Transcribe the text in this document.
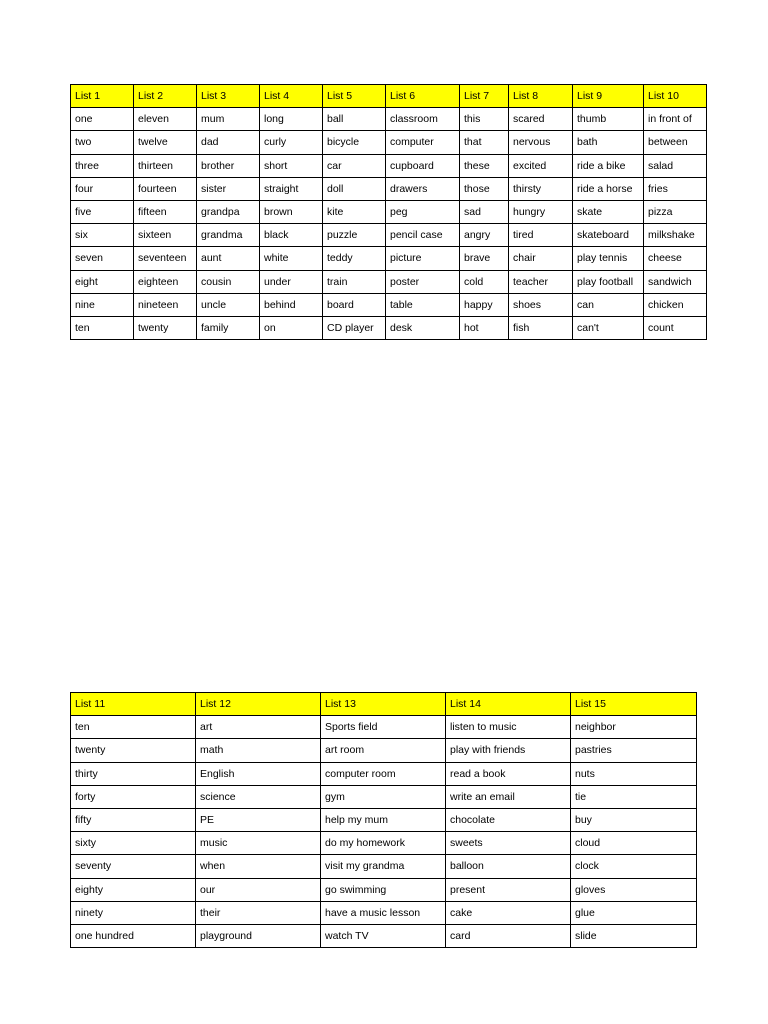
List 1	List 2	List 3	List 4	List 5	List 6	List 7	List 8	List 9	List 10
one	eleven	mum	long	ball	classroom	this	scared	thumb	in front of
two	twelve	dad	curly	bicycle	computer	that	nervous	bath	between
three	thirteen	brother	short	car	cupboard	these	excited	ride a bike	salad
four	fourteen	sister	straight	doll	drawers	those	thirsty	ride a horse	fries
five	fifteen	grandpa	brown	kite	peg	sad	hungry	skate	pizza
six	sixteen	grandma	black	puzzle	pencil case	angry	tired	skateboard	milkshake
seven	seventeen	aunt	white	teddy	picture	brave	chair	play tennis	cheese
eight	eighteen	cousin	under	train	poster	cold	teacher	play football	sandwich
nine	nineteen	uncle	behind	board	table	happy	shoes	can	chicken
ten	twenty	family	on	CD player	desk	hot	fish	can't	count
List 11	List 12	List 13	List 14	List 15
ten	art	Sports field	listen to music	neighbor
twenty	math	art room	play with friends	pastries
thirty	English	computer room	read a book	nuts
forty	science	gym	write an email	tie
fifty	PE	help my mum	chocolate	buy
sixty	music	do my homework	sweets	cloud
seventy	when	visit my grandma	balloon	clock
eighty	our	go swimming	present	gloves
ninety	their	have a music lesson	cake	glue
one hundred	playground	watch TV	card	slide
